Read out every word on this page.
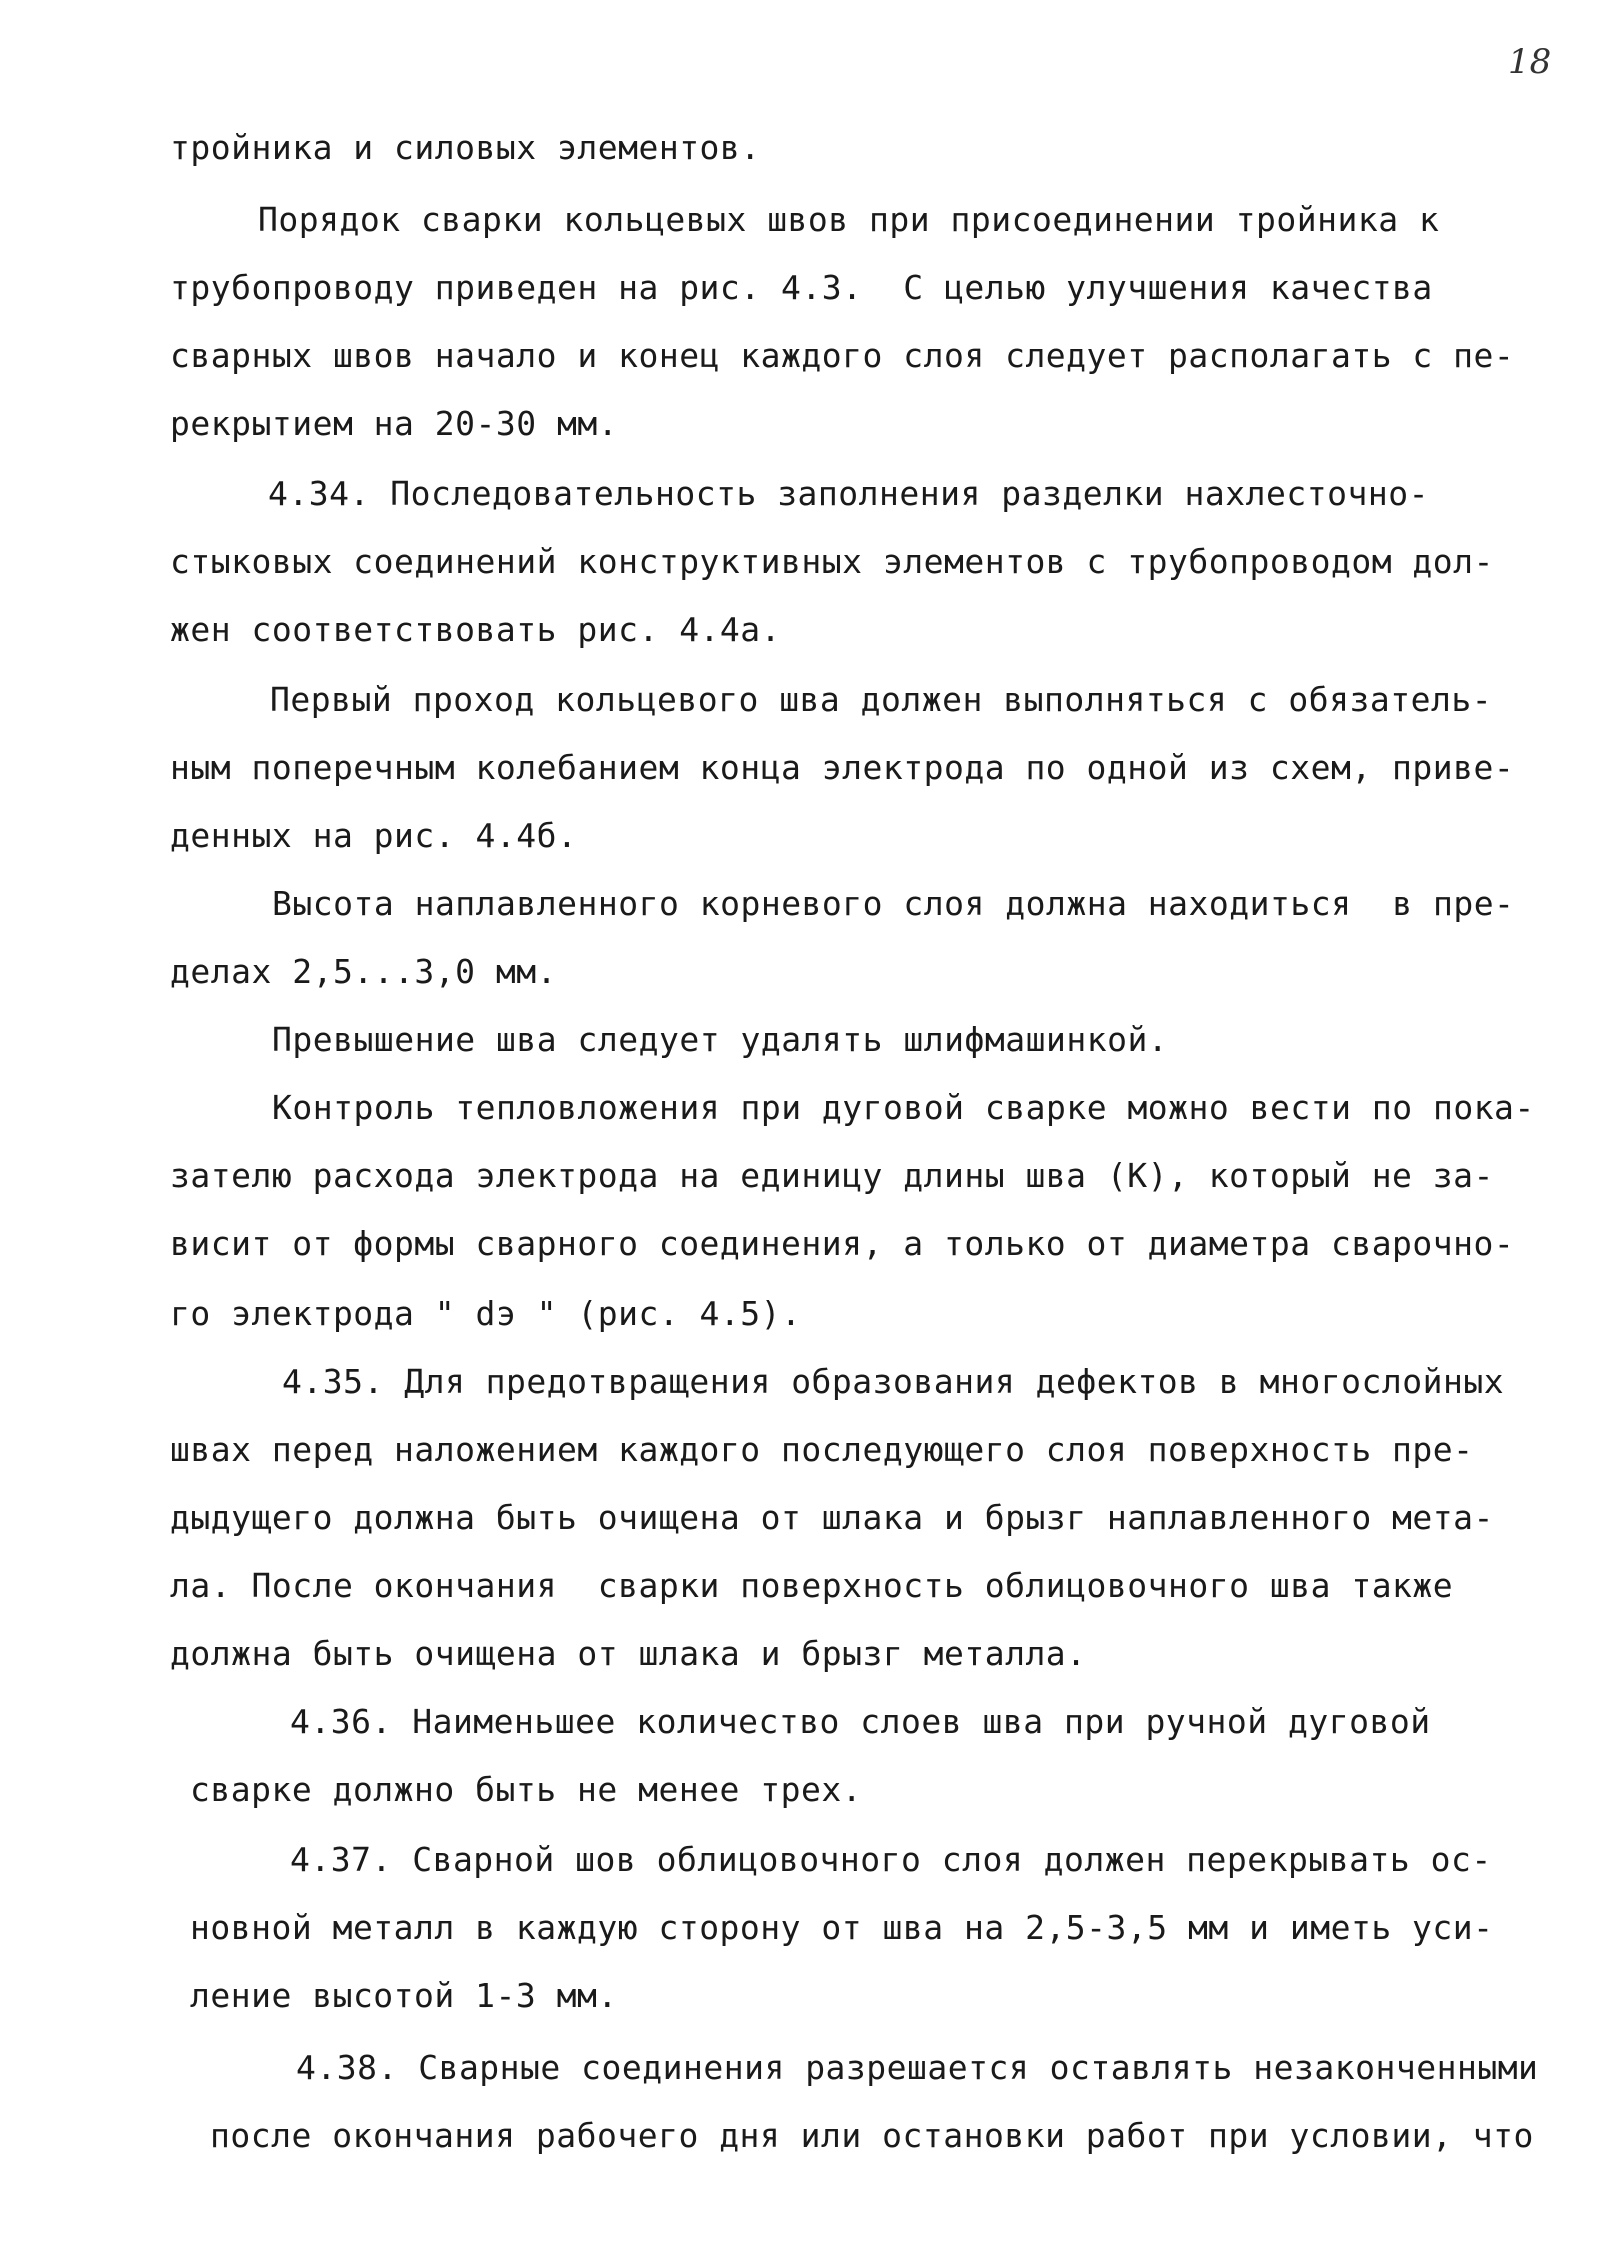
18
тройника и силовых элементов.
Порядок сварки кольцевых швов при присоединении тройника к
трубопроводу приведен на рис. 4.3.  С целью улучшения качества
сварных швов начало и конец каждого слоя следует располагать с пе-
рекрытием на 20-30 мм.
4.34. Последовательность заполнения разделки нахлесточно-
стыковых соединений конструктивных элементов с трубопроводом дол-
жен соответствовать рис. 4.4а.
Первый проход кольцевого шва должен выполняться с обязатель-
ным поперечным колебанием конца электрода по одной из схем, приве-
денных на рис. 4.4б.
Высота наплавленного корневого слоя должна находиться  в пре-
делах 2,5...3,0 мм.
Превышение шва следует удалять шлифмашинкой.
Контроль тепловложения при дуговой сварке можно вести по пока-
зателю расхода электрода на единицу длины шва (К), который не за-
висит от формы сварного соединения, а только от диаметра сварочно-
го электрода " dэ " (рис. 4.5).
4.35. Для предотвращения образования дефектов в многослойных
швах перед наложением каждого последующего слоя поверхность пре-
дыдущего должна быть очищена от шлака и брызг наплавленного мета-
ла. После окончания  сварки поверхность облицовочного шва также
должна быть очищена от шлака и брызг металла.
4.36. Наименьшее количество слоев шва при ручной дуговой
сварке должно быть не менее трех.
4.37. Сварной шов облицовочного слоя должен перекрывать ос-
новной металл в каждую сторону от шва на 2,5-3,5 мм и иметь уси-
ление высотой 1-3 мм.
4.38. Сварные соединения разрешается оставлять незаконченными
после окончания рабочего дня или остановки работ при условии, что
